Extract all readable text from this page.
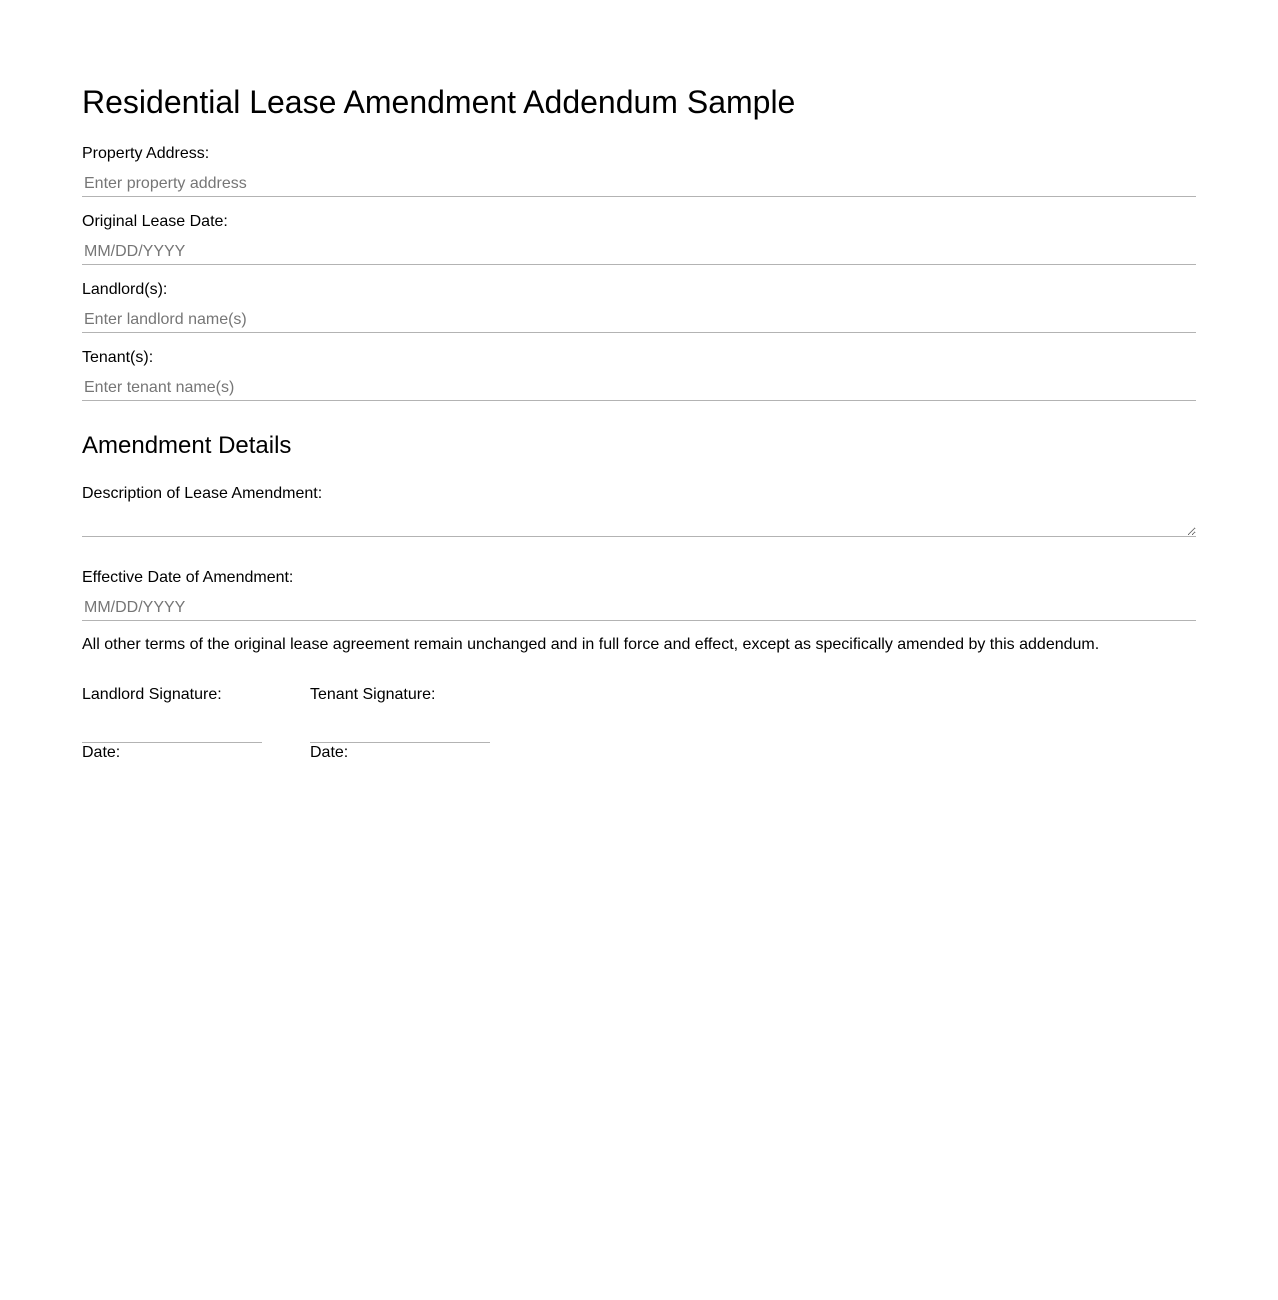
Residential Lease Amendment Addendum Sample
Property Address:
Enter property address
Original Lease Date:
MM/DD/YYYY
Landlord(s):
Enter landlord name(s)
Tenant(s):
Enter tenant name(s)
Amendment Details
Description of Lease Amendment:
Effective Date of Amendment:
MM/DD/YYYY

All other terms of the original lease agreement remain unchanged and in full force and effect, except as specifically amended by this addendum.

Landlord Signature:
Date:
Tenant Signature:
Date:
